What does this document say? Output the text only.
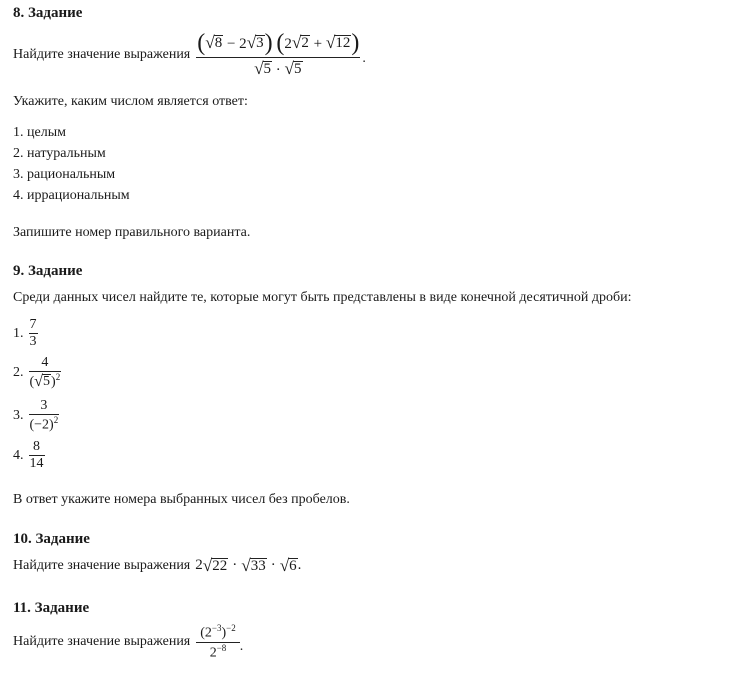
8. Задание
Найдите значение выражения $\frac{( √ 8 - 2 √ 3 ) (2 √ 2 + √ 12 )}{√ 5 \cdot √ 5}$ .
Укажите, каким числом является ответ:
1. целым
2. натуральным
3. рациональным
4. иррациональным
Запишите номер правильного варианта.
9. Задание
Среди данных чисел найдите те, которые могут быть представлены в виде конечной десятичной дроби:
1. $\frac{7}{3}$
2. $\frac{4}{( √ 5 )^2}$
3. $\frac{3}{(-2)^2}$
4. $\frac{8}{14}$
В ответ укажите номера выбранных чисел без пробелов.
10. Задание
Найдите значение выражения 2 √ 22 · √ 33 · √ 6 .
11. Задание
Найдите значение выражения $\frac{(2^{-3})^{-2}}{2^{-8}}$ .
